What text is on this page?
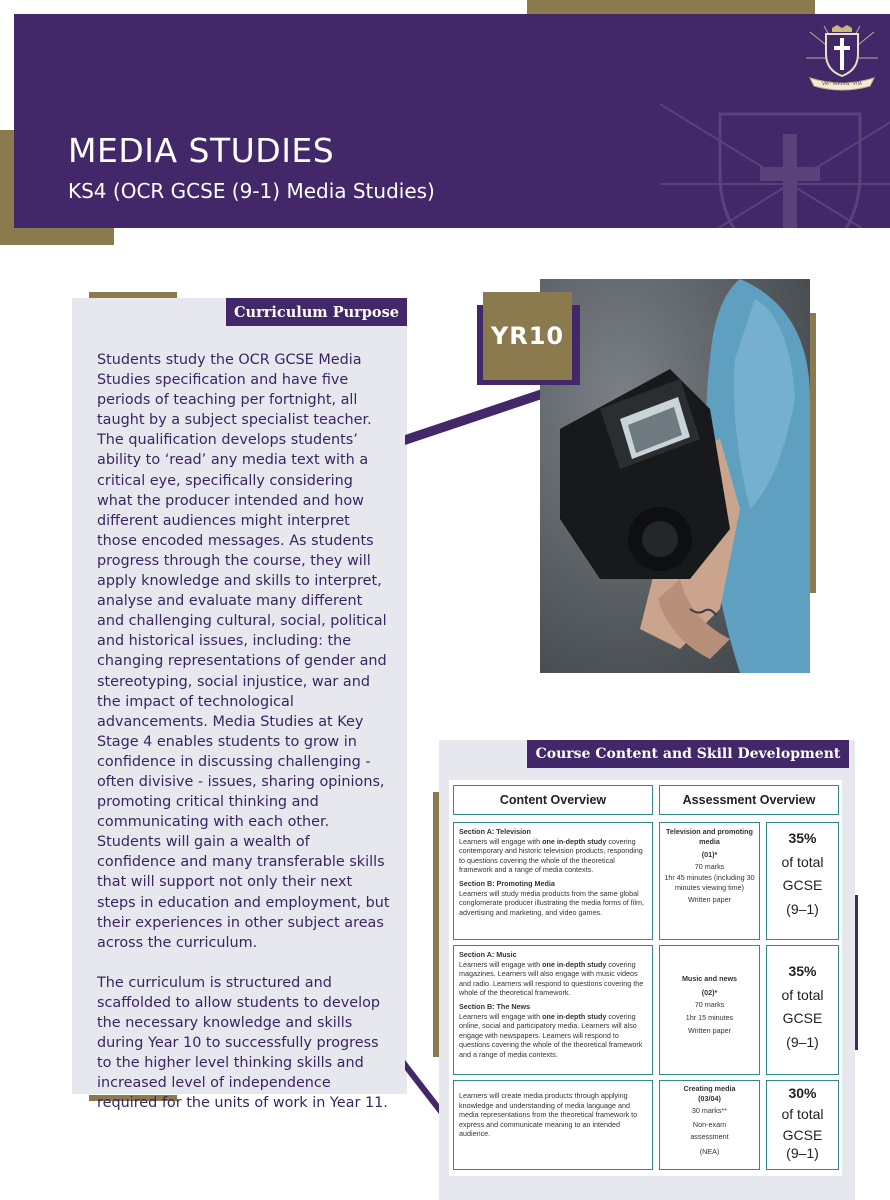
VIA · VERITAS · VITA
MEDIA STUDIES
KS4 (OCR GCSE (9-1) Media Studies)
Curriculum Purpose

Students study the OCR GCSE Media Studies specification and have five periods of teaching per fortnight, all taught by a subject specialist teacher. The qualification develops students’ ability to ‘read’ any media text with a critical eye, specifically considering what the producer intended and how different audiences might interpret those encoded messages. As students progress through the course, they will apply knowledge and skills to interpret, analyse and evaluate many different and challenging cultural, social, political and historical issues, including: the changing representations of gender and stereotyping, social injustice, war and the impact of technological advancements. Media Studies at Key Stage 4 enables students to grow in confidence in discussing challenging - often divisive - issues, sharing opinions, promoting critical thinking and communicating with each other. Students will gain a wealth of confidence and many transferable skills that will support not only their next steps in education and employment, but their experiences in other subject areas across the curriculum.

The curriculum is structured and scaffolded to allow students to develop the necessary knowledge and skills during Year 10 to successfully progress to the higher level thinking skills and increased level of independence required for the units of work in Year 11.

YR10
Course Content and Skill Development
Content Overview	Assessment Overview

Section A: Television
Learners will engage with one in-depth study covering contemporary and historic television products, responding to questions covering the whole of the theoretical framework and a range of media contexts.

Section B: Promoting Media
Learners will study media products from the same global conglomerate producer illustrating the media forms of film, advertising and marketing, and video games.

Television and promoting media
(01)*
70 marks
1hr 45 minutes (including 30 minutes viewing time)
Written paper
35%
of total
GCSE
(9–1)

Section A: Music
Learners will engage with one in-depth study covering magazines. Learners will also engage with music videos and radio. Learners will respond to questions covering the whole of the theoretical framework.

Section B: The News
Learners will engage with one in-depth study covering online, social and participatory media. Learners will also engage with newspapers. Learners will respond to questions covering the whole of the theoretical framework and a range of media contexts.

Music and news
(02)*
70 marks
1hr 15 minutes
Written paper
35%
of total
GCSE
(9–1)

Learners will create media products through applying knowledge and understanding of media language and media representations from the theoretical framework to express and communicate meaning to an intended audience.

Creating media
(03/04)
30 marks**
Non-exam assessment
(NEA)
30%
of total
GCSE
(9–1)
